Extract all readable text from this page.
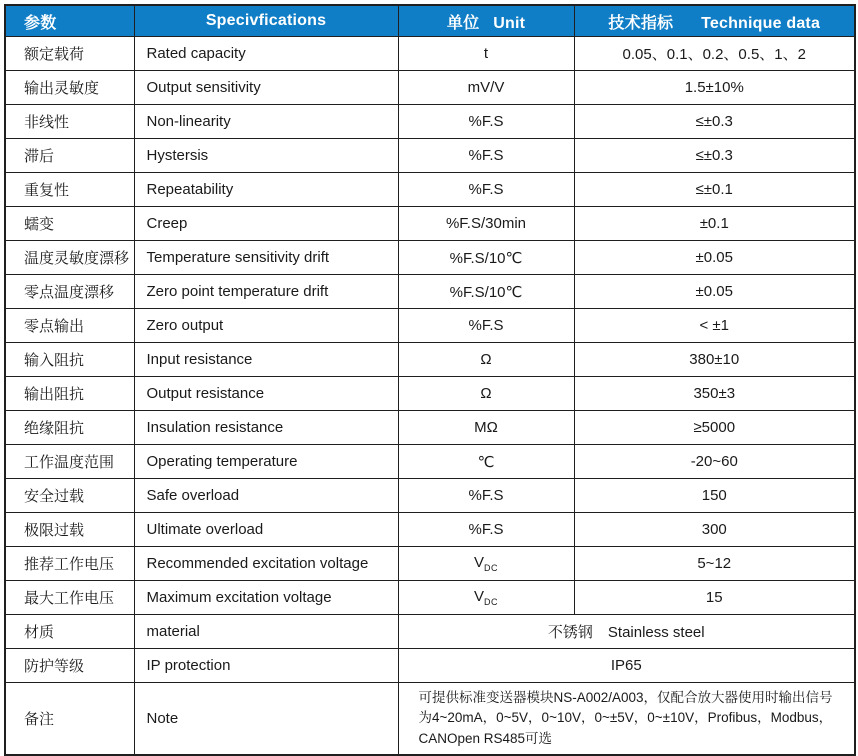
参数	Specivfications	单位   Unit	技术指标      Technique data
额定载荷	Rated capacity	t	0.05、0.1、0.2、0.5、1、2
输出灵敏度	Output sensitivity	mV/V	1.5±10%
非线性	Non-linearity	%F.S	≤±0.3
滞后	Hystersis	%F.S	≤±0.3
重复性	Repeatability	%F.S	≤±0.1
蠕变	Creep	%F.S/30min	±0.1
温度灵敏度漂移	Temperature sensitivity drift	%F.S/10℃	±0.05
零点温度漂移	Zero point temperature drift	%F.S/10℃	±0.05
零点输出	Zero output	%F.S	< ±1
输入阻抗	Input resistance	Ω	380±10
输出阻抗	Output resistance	Ω	350±3
绝缘阻抗	Insulation resistance	MΩ	≥5000
工作温度范围	Operating temperature	℃	-20~60
安全过载	Safe overload	%F.S	150
极限过载	Ultimate overload	%F.S	300
推荐工作电压	Recommended excitation voltage	$V_{DC}$	5~12
最大工作电压	Maximum excitation voltage	$V_{DC}$	15
材质	material	不锈钢　Stainless steel	
防护等级	IP protection	IP65	
备注	Note	可提供标准变送器模块NS-A002/A003，仅配合放大器使用时输出信号为4~20mA，0~5V，0~10V，0~±5V，0~±10V，Profibus，Modbus，CANOpen RS485可选	
